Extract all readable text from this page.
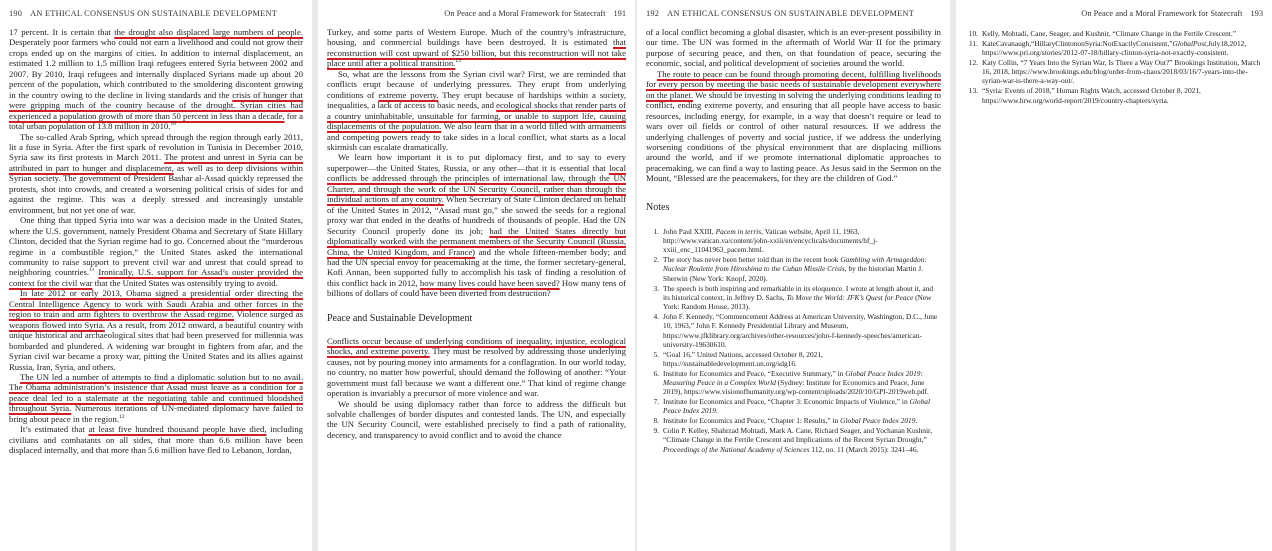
190 AN ETHICAL CONSENSUS ON SUSTAINABLE DEVELOPMENT

17 percent. It is certain that the drought also displaced large numbers of people. Desperately poor farmers who could not earn a livelihood and could not grow their crops ended up on the margins of cities. In addition to internal displacement, an estimated 1.2 million to 1.5 million Iraqi refugees entered Syria between 2002 and 2007. By 2010, Iraqi refugees and internally displaced Syrians made up about 20 percent of the population, which contributed to the smoldering discontent growing in the country owing to the decline in living standards and the crisis of hunger that were gripping much of the country because of the drought. Syrian cities had experienced a population growth of more than 50 percent in less than a decade, for a total urban population of 13.8 million in 2010.10

The so-called Arab Spring, which spread through the region through early 2011, lit a fuse in Syria. After the first spark of revolution in Tunisia in December 2010, Syria saw its first protests in March 2011. The protest and unrest in Syria can be attributed in part to hunger and displacement, as well as to deep divisions within Syrian society. The government of President Bashar al-Assad quickly repressed the protests, shot into crowds, and created a worsening political crisis of sides for and against the regime. This was a deeply stressed and increasingly unstable environment, but not yet one of war.

One thing that tipped Syria into war was a decision made in the United States, where the U.S. government, namely President Obama and Secretary of State Hillary Clinton, decided that the Syrian regime had to go. Concerned about the “murderous regime in a combustible region,” the United States asked the international community to raise support to prevent civil war and unrest that could spread to neighboring countries.$^{11}$ Ironically, U.S. support for Assad’s ouster provided the context for the civil war that the United States was ostensibly trying to avoid.

In late 2012 or early 2013, Obama signed a presidential order directing the Central Intelligence Agency to work with Saudi Arabia and other forces in the region to train and arm fighters to overthrow the Assad regime. Violence surged as weapons flowed into Syria. As a result, from 2012 onward, a beautiful country with unique historical and archaeological sites that had been preserved for millennia was bombarded and plundered. A widening war brought in fighters from afar, and the Syrian civil war became a proxy war, pitting the United States and its allies against Russia, Iran, Syria, and others.

The UN led a number of attempts to find a diplomatic solution but to no avail. The Obama administration’s insistence that Assad must leave as a condition for a peace deal led to a stalemate at the negotiating table and continued bloodshed throughout Syria. Numerous iterations of UN-mediated diplomacy have failed to bring about peace in the region.$^{12}$

It’s estimated that at least five hundred thousand people have died, including civilians and combatants on all sides, that more than 6.6 million have been displaced internally, and that more than 5.6 million have fled to Lebanon, Jordan,

On Peace and a Moral Framework for Statecraft 191

Turkey, and some parts of Western Europe. Much of the country’s infrastructure, housing, and commercial buildings have been destroyed. It is estimated that reconstruction will cost upward of $250 billion, but this reconstruction will not take place until after a political transition.$^{13}$

So, what are the lessons from the Syrian civil war? First, we are reminded that conflicts erupt because of underlying pressures. They erupt from underlying conditions of extreme poverty. They erupt because of hardships within a society, inequalities, a lack of access to basic needs, and ecological shocks that render parts of a country uninhabitable, unsuitable for farming, or unable to support life, causing displacements of the population. We also learn that in a world filled with armaments and competing powers ready to take sides in a local conflict, what starts as a local skirmish can escalate dramatically.

We learn how important it is to put diplomacy first, and to say to every superpower—the United States, Russia, or any other—that it is essential that local conflicts be addressed through the principles of international law, through the UN Charter, and through the work of the UN Security Council, rather than through the individual actions of any country. When Secretary of State Clinton declared on behalf of the United States in 2012, “Assad must go,” she sowed the seeds for a regional proxy war that ended in the deaths of hundreds of thousands of people. Had the UN Security Council properly done its job; had the United States directly but diplomatically worked with the permanent members of the Security Council (Russia, China, the United Kingdom, and France) and the whole fifteen-member body; and had the UN special envoy for peacemaking at the time, the former secretary-general, Kofi Annan, been supported fully to accomplish his task of finding a resolution of this conflict back in 2012, how many lives could have been saved? How many tens of billions of dollars of could have been diverted from destruction?

Peace and Sustainable Development

Conflicts occur because of underlying conditions of inequality, injustice, ecological shocks, and extreme poverty. They must be resolved by addressing those underlying causes, not by pouring money into armaments for a conflagration. In our world today, no country, no matter how powerful, should demand the following of another: “Your government must fall because we want a different one.” That kind of regime change operation is invariably a precursor of more violence and war.

We should be using diplomacy rather than force to address the difficult but solvable challenges of border disputes and contested lands. The UN, and especially the UN Security Council, were established precisely to find a path of rationality, decency, and transparency to avoid conflict and to avoid the chance

192 AN ETHICAL CONSENSUS ON SUSTAINABLE DEVELOPMENT

of a local conflict becoming a global disaster, which is an ever-present possibility in our time. The UN was formed in the aftermath of World War II for the primary purpose of securing peace, and then, on that foundation of peace, securing the economic, social, and political development of societies around the world.

The route to peace can be found through promoting decent, fulfilling livelihoods for every person by meeting the basic needs of sustainable development everywhere on the planet. We should be investing in solving the underlying conditions leading to conflict, ending extreme poverty, and ensuring that all people have access to basic resources, including energy, for example, in a way that doesn’t require or lead to wars over oil fields or control of other natural resources. If we address the underlying challenges of poverty and social justice, if we address the underlying worsening conditions of the physical environment that are displacing millions around the world, and if we promote international diplomatic approaches to peacemaking, we can find a way to lasting peace. As Jesus said in the Sermon on the Mount, “Blessed are the peacemakers, for they are the children of God.”

Notes
1. John Paul XXIII, Pacem in terris, Vatican website, April 11, 1963, http://www.vatican.va/content/john-xxiii/en/encyclicals/documents/hf_j-xxiii_enc_11041963_pacem.html.
2. The story has never been better told than in the recent book Gambling with Armageddon: Nuclear Roulette from Hiroshima to the Cuban Missile Crisis, by the historian Martin J. Sherwin (New York: Knopf, 2020).
3. The speech is both inspiring and remarkable in its eloquence. I wrote at length about it, and its historical context, in Jeffrey D. Sachs, To Move the World: JFK’s Quest for Peace (New York: Random House, 2013).
4. John F. Kennedy, “Commencement Address at American University, Washington, D.C., June 10, 1963,” John F. Kennedy Presidential Library and Museum, https://www.jfklibrary.org/archives/other-resources/john-f-kennedy-speeches/american-university-19630610.
5. “Goal 16,” United Nations, accessed October 8, 2021, https://sustainabledevelopment.un.org/sdg16.
6. Institute for Economics and Peace, “Executive Summary,” in Global Peace Index 2019: Measuring Peace in a Complex World (Sydney: Institute for Economics and Peace, June 2019), https://www.visionofhumanity.org/wp-content/uploads/2020/10/GPI-2019web.pdf.
7. Institute for Economics and Peace, “Chapter 3: Economic Impacts of Violence,” in Global Peace Index 2019.
8. Institute for Economics and Peace, “Chapter 1: Results,” in Global Peace Index 2019.
9. Colin P. Kelley, Shahrzad Mohtadi, Mark A. Cane, Richard Seager, and Yochanan Kushnir, “Climate Change in the Fertile Crescent and Implications of the Recent Syrian Drought,” Proceedings of the National Academy of Sciences 112, no. 11 (March 2015): 3241–46.
On Peace and a Moral Framework for Statecraft 193
10. Kelly, Mohtadi, Cane, Seager, and Kushnir, “Climate Change in the Fertile Crescent.”
11. KateCavanaugh,“HillaryClintononSyria:NotExactlyConsistent,”GlobalPost,July18,2012, https://www.pri.org/stories/2012-07-18/hillary-clinton-syria-not-exactly-consistent.
12. Katy Collin, “7 Years Into the Syrian War, Is There a Way Out?” Brookings Institution, March 16, 2018, https://www.brookings.edu/blog/order-from-chaos/2018/03/16/7-years-into-the-syrian-war-is-there-a-way-out/.
13. “Syria: Events of 2018,” Human Rights Watch, accessed October 8, 2021, https://www.hrw.org/world-report/2019/country-chapters/syria.
